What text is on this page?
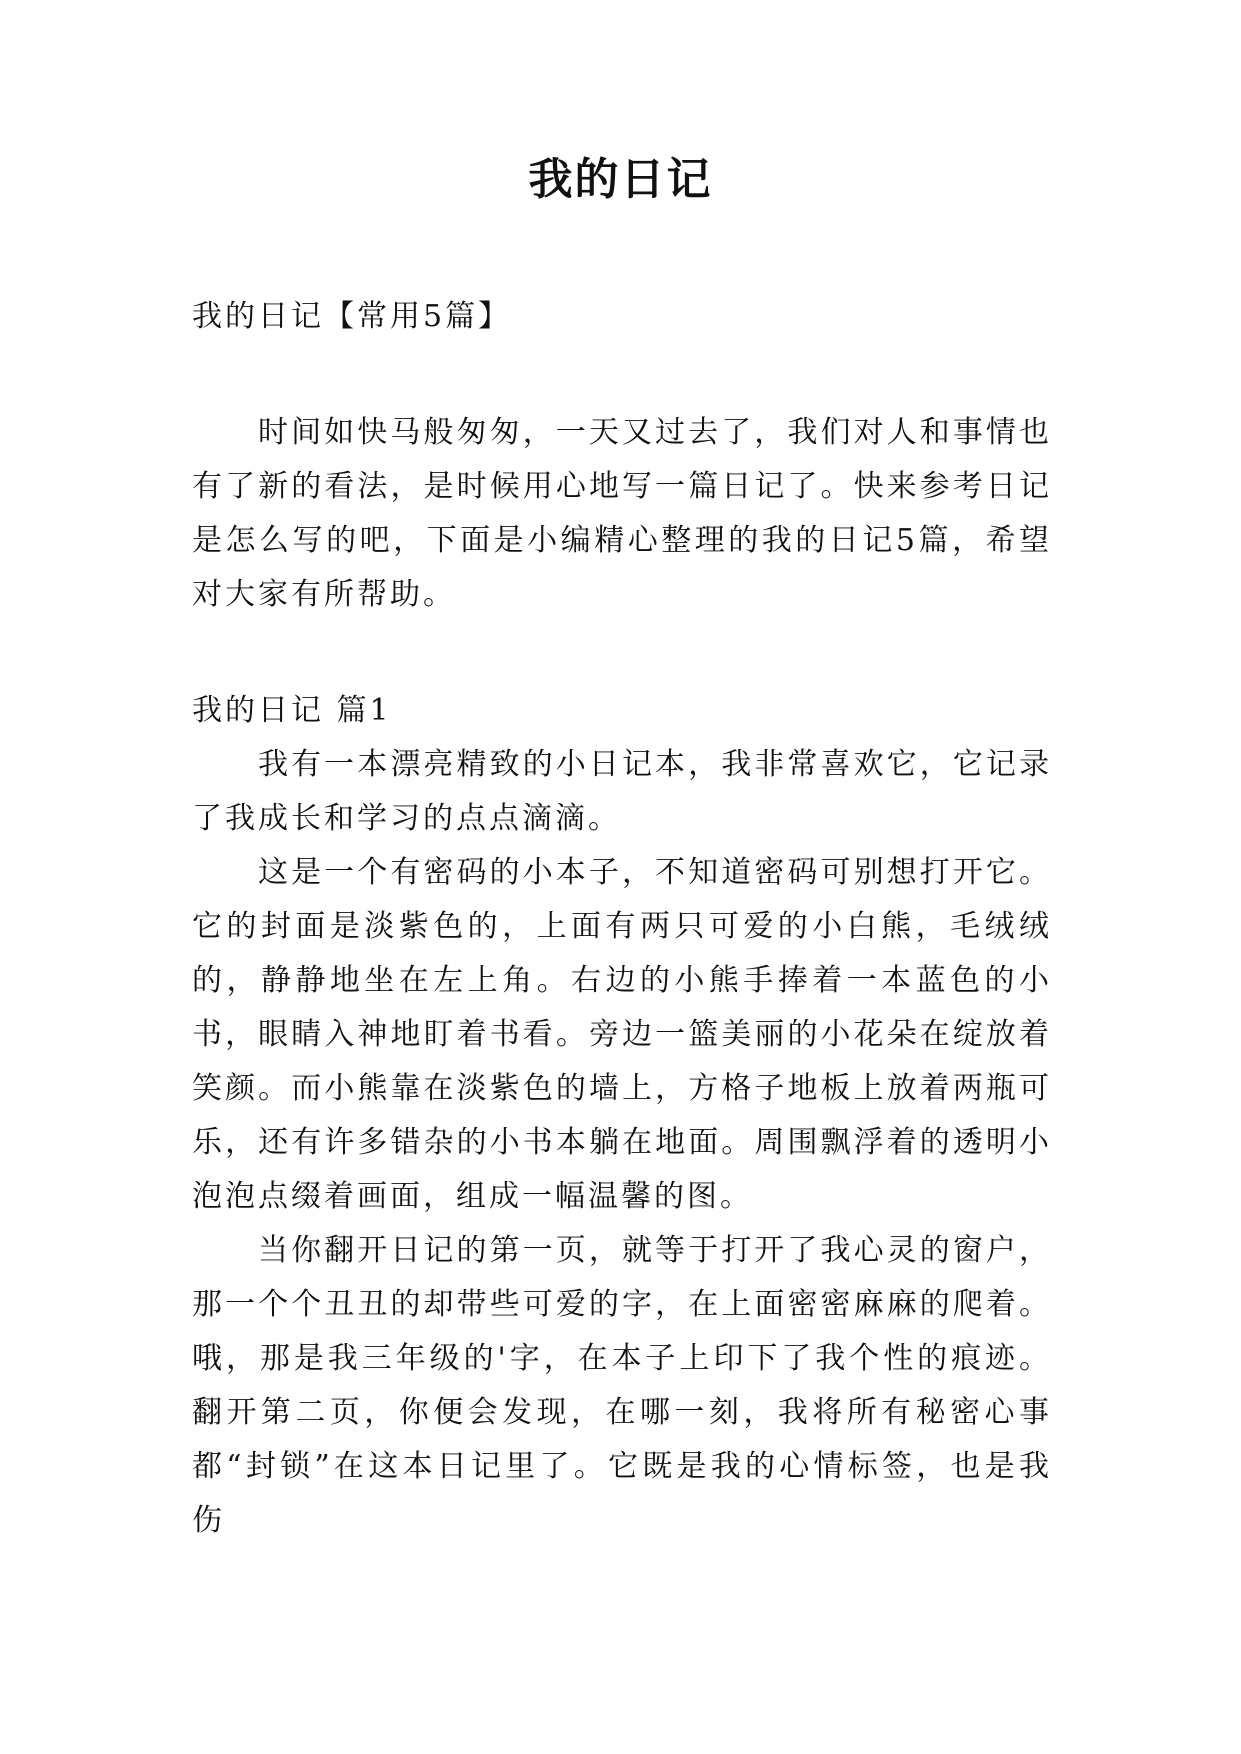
我的日记

我的日记【常用5篇】

时间如快马般匆匆，一天又过去了，我们对人和事情也有了新的看法，是时候用心地写一篇日记了。快来参考日记是怎么写的吧，下面是小编精心整理的我的日记5篇，希望对大家有所帮助。

我的日记 篇1

我有一本漂亮精致的小日记本，我非常喜欢它，它记录了我成长和学习的点点滴滴。

这是一个有密码的小本子，不知道密码可别想打开它。它的封面是淡紫色的，上面有两只可爱的小白熊，毛绒绒的，静静地坐在左上角。右边的小熊手捧着一本蓝色的小书，眼睛入神地盯着书看。旁边一篮美丽的小花朵在绽放着笑颜。而小熊靠在淡紫色的墙上，方格子地板上放着两瓶可乐，还有许多错杂的小书本躺在地面。周围飘浮着的透明小泡泡点缀着画面，组成一幅温馨的图。

当你翻开日记的第一页，就等于打开了我心灵的窗户，那一个个丑丑的却带些可爱的字，在上面密密麻麻的爬着。哦，那是我三年级的'字，在本子上印下了我个性的痕迹。翻开第二页，你便会发现，在哪一刻，我将所有秘密心事都“封锁”在这本日记里了。它既是我的心情标签，也是我伤
